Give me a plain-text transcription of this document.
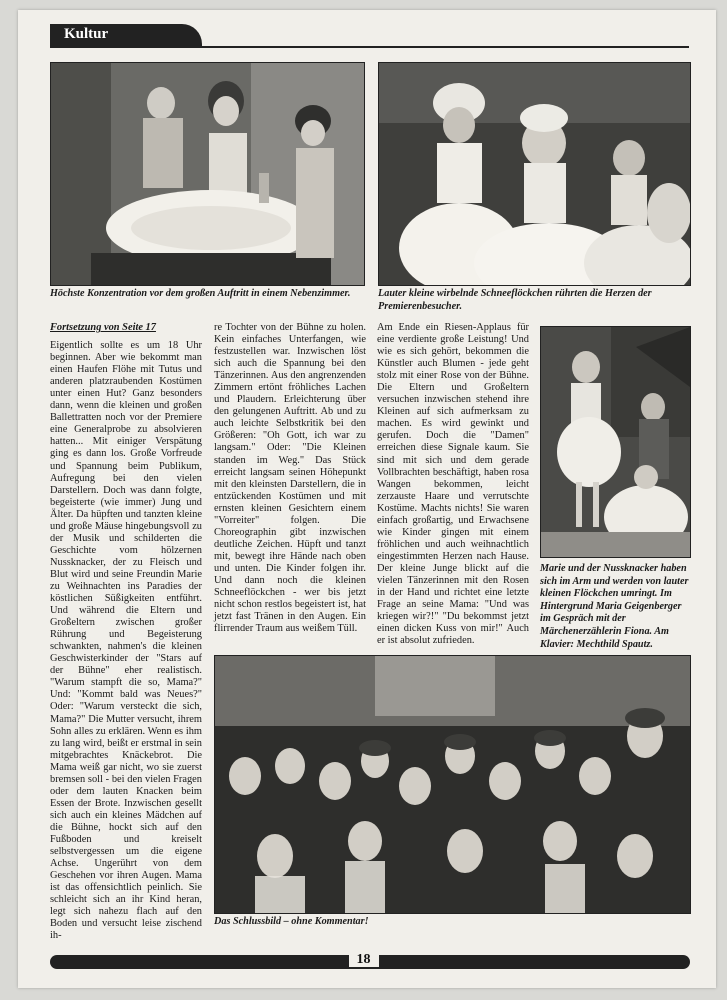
Kultur
Höchste Konzentration vor dem großen Auftritt in einem Nebenzimmer.	Lauter kleine wirbelnde Schneeflöckchen rührten die Herzen der Premierenbesucher.
Marie und der Nussknacker haben sich im Arm und werden von lauter kleinen Flöckchen umringt. Im Hintergrund Maria Geigenberger im Gespräch mit der Märchenerzählerin Fiona. Am Klavier: Mechthild Spautz.

Fortsetzung von Seite 17

Eigentlich sollte es um 18 Uhr beginnen. Aber wie bekommt man einen Haufen Flöhe mit Tutus und anderen platzraubenden Kostümen unter einen Hut? Ganz besonders dann, wenn die kleinen und großen Ballettratten noch vor der Premiere eine Generalprobe zu absolvieren hatten... Mit einiger Verspätung ging es dann los. Große Vorfreude und Spannung beim Publikum, Aufregung bei den vielen Darstellern. Doch was dann folgte, begeisterte (wie immer) Jung und Älter. Da hüpften und tanzten kleine und große Mäuse hingebungsvoll zu der Musik und schilderten die Geschichte vom hölzernen Nussknacker, der zu Fleisch und Blut wird und seine Freundin Marie zu Weihnachten ins Paradies der köstlichen Süßigkeiten entführt. Und während die Eltern und Großeltern zwischen großer Rührung und Begeisterung schwankten, nahmen's die kleinen Geschwisterkinder der "Stars auf der Bühne" eher realistisch. "Warum stampft die so, Mama?" Und: "Kommt bald was Neues?" Oder: "Warum versteckt die sich, Mama?" Die Mutter versucht, ihrem Sohn alles zu erklären. Wenn es ihm zu lang wird, beißt er erstmal in sein mitgebrachtes Knäckebrot. Die Mama weiß gar nicht, wo sie zuerst bremsen soll - bei den vielen Fragen oder dem lauten Knacken beim Essen der Brote. Inzwischen gesellt sich auch ein kleines Mädchen auf die Bühne, hockt sich auf den Fußboden und kreiselt selbstvergessen um die eigene Achse. Ungerührt von dem Geschehen vor ihren Augen. Mama ist das offensichtlich peinlich. Sie schleicht sich an ihr Kind heran, legt sich nahezu flach auf den Boden und versucht leise zischend ih-

re Tochter von der Bühne zu holen. Kein einfaches Unterfangen, wie festzustellen war. Inzwischen löst sich auch die Spannung bei den Tänzerinnen. Aus den angrenzenden Zimmern ertönt fröhliches Lachen und Plaudern. Erleichterung über den gelungenen Auftritt. Ab und zu auch leichte Selbstkritik bei den Größeren: "Oh Gott, ich war zu langsam." Oder: "Die Kleinen standen im Weg." Das Stück erreicht langsam seinen Höhepunkt mit den kleinsten Darstellern, die in entzückenden Kostümen und mit ernsten kleinen Gesichtern einem "Vorreiter" folgen. Die Choreographin gibt inzwischen deutliche Zeichen. Hüpft und tanzt mit, bewegt ihre Hände nach oben und unten. Die Kinder folgen ihr. Und dann noch die kleinen Schneeflöckchen - wer bis jetzt nicht schon restlos begeistert ist, hat jetzt fast Tränen in den Augen. Ein flirrender Traum aus weißem Tüll.

Am Ende ein Riesen-Applaus für eine verdiente große Leistung! Und wie es sich gehört, bekommen die Künstler auch Blumen - jede geht stolz mit einer Rose von der Bühne. Die Eltern und Großeltern versuchen inzwischen stehend ihre Kleinen auf sich aufmerksam zu machen. Es wird gewinkt und gerufen. Doch die "Damen" erreichen diese Signale kaum. Sie sind mit sich und dem gerade Vollbrachten beschäftigt, haben rosa Wangen bekommen, leicht zerzauste Haare und verrutschte Kostüme. Machts nichts! Sie waren einfach großartig, und Erwachsene wie Kinder gingen mit einem fröhlichen und auch weihnachtlich eingestimmten Herzen nach Hause. Der kleine Junge blickt auf die vielen Tänzerinnen mit den Rosen in der Hand und richtet eine letzte Frage an seine Mama: "Und was kriegen wir?!" "Du bekommst jetzt einen dicken Kuss von mir!" Auch er ist absolut zufrieden.

Das Schlussbild – ohne Kommentar!
18
